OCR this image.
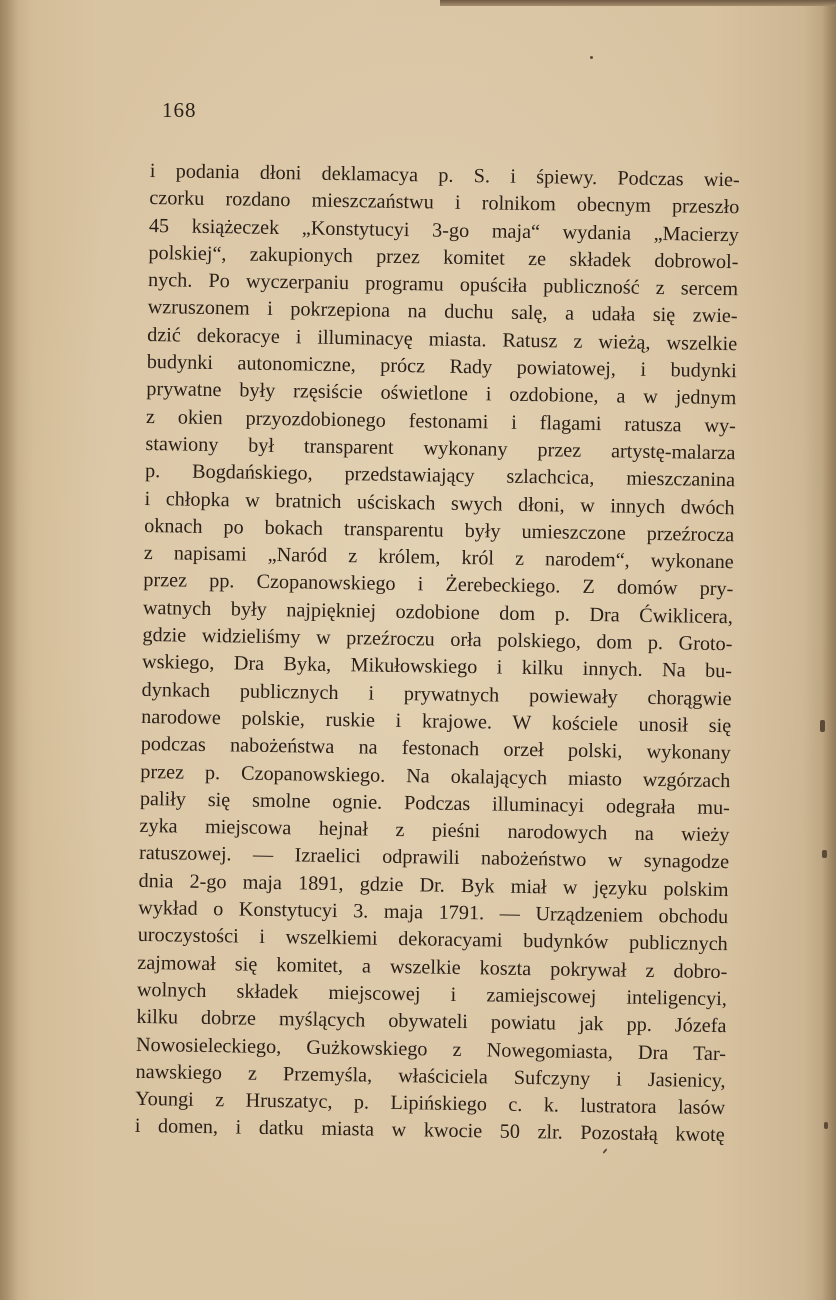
168
i podania dłoni deklamacya p. S. i śpiewy. Podczas wie-
czorku rozdano mieszczaństwu i rolnikom obecnym przeszło
45 książeczek „Konstytucyi 3-go maja“ wydania „Macierzy
polskiej“, zakupionych przez komitet ze składek dobrowol-
nych. Po wyczerpaniu programu opuściła publiczność z sercem
wzruszonem i pokrzepiona na duchu salę, a udała się zwie-
dzić dekoracye i illuminacyę miasta. Ratusz z wieżą, wszelkie
budynki autonomiczne, prócz Rady powiatowej, i budynki
prywatne były rzęsiście oświetlone i ozdobione, a w jednym
z okien przyozdobionego festonami i flagami ratusza wy-
stawiony był transparent wykonany przez artystę-malarza
p. Bogdańskiego, przedstawiający szlachcica, mieszczanina
i chłopka w bratnich uściskach swych dłoni, w innych dwóch
oknach po bokach transparentu były umieszczone przeźrocza
z napisami „Naród z królem, król z narodem“, wykonane
przez pp. Czopanowskiego i Żerebeckiego. Z domów pry-
watnych były najpiękniej ozdobione dom p. Dra Ćwiklicera,
gdzie widzieliśmy w przeźroczu orła polskiego, dom p. Groto-
wskiego, Dra Byka, Mikułowskiego i kilku innych. Na bu-
dynkach publicznych i prywatnych powiewały chorągwie
narodowe polskie, ruskie i krajowe. W kościele unosił się
podczas nabożeństwa na festonach orzeł polski, wykonany
przez p. Czopanowskiego. Na okalających miasto wzgórzach
paliły się smolne ognie. Podczas illuminacyi odegrała mu-
zyka miejscowa hejnał z pieśni narodowych na wieży
ratuszowej. — Izraelici odprawili nabożeństwo w synagodze
dnia 2-go maja 1891, gdzie Dr. Byk miał w języku polskim
wykład o Konstytucyi 3. maja 1791. — Urządzeniem obchodu
uroczystości i wszelkiemi dekoracyami budynków publicznych
zajmował się komitet, a wszelkie koszta pokrywał z dobro-
wolnych składek miejscowej i zamiejscowej inteligencyi,
kilku dobrze myślących obywateli powiatu jak pp. Józefa
Nowosieleckiego, Gużkowskiego z Nowegomiasta, Dra Tar-
nawskiego z Przemyśla, właściciela Sufczyny i Jasienicy,
Youngi z Hruszatyc, p. Lipińskiego c. k. lustratora lasów
i domen, i datku miasta w kwocie 50 zlr. Pozostałą kwotę
